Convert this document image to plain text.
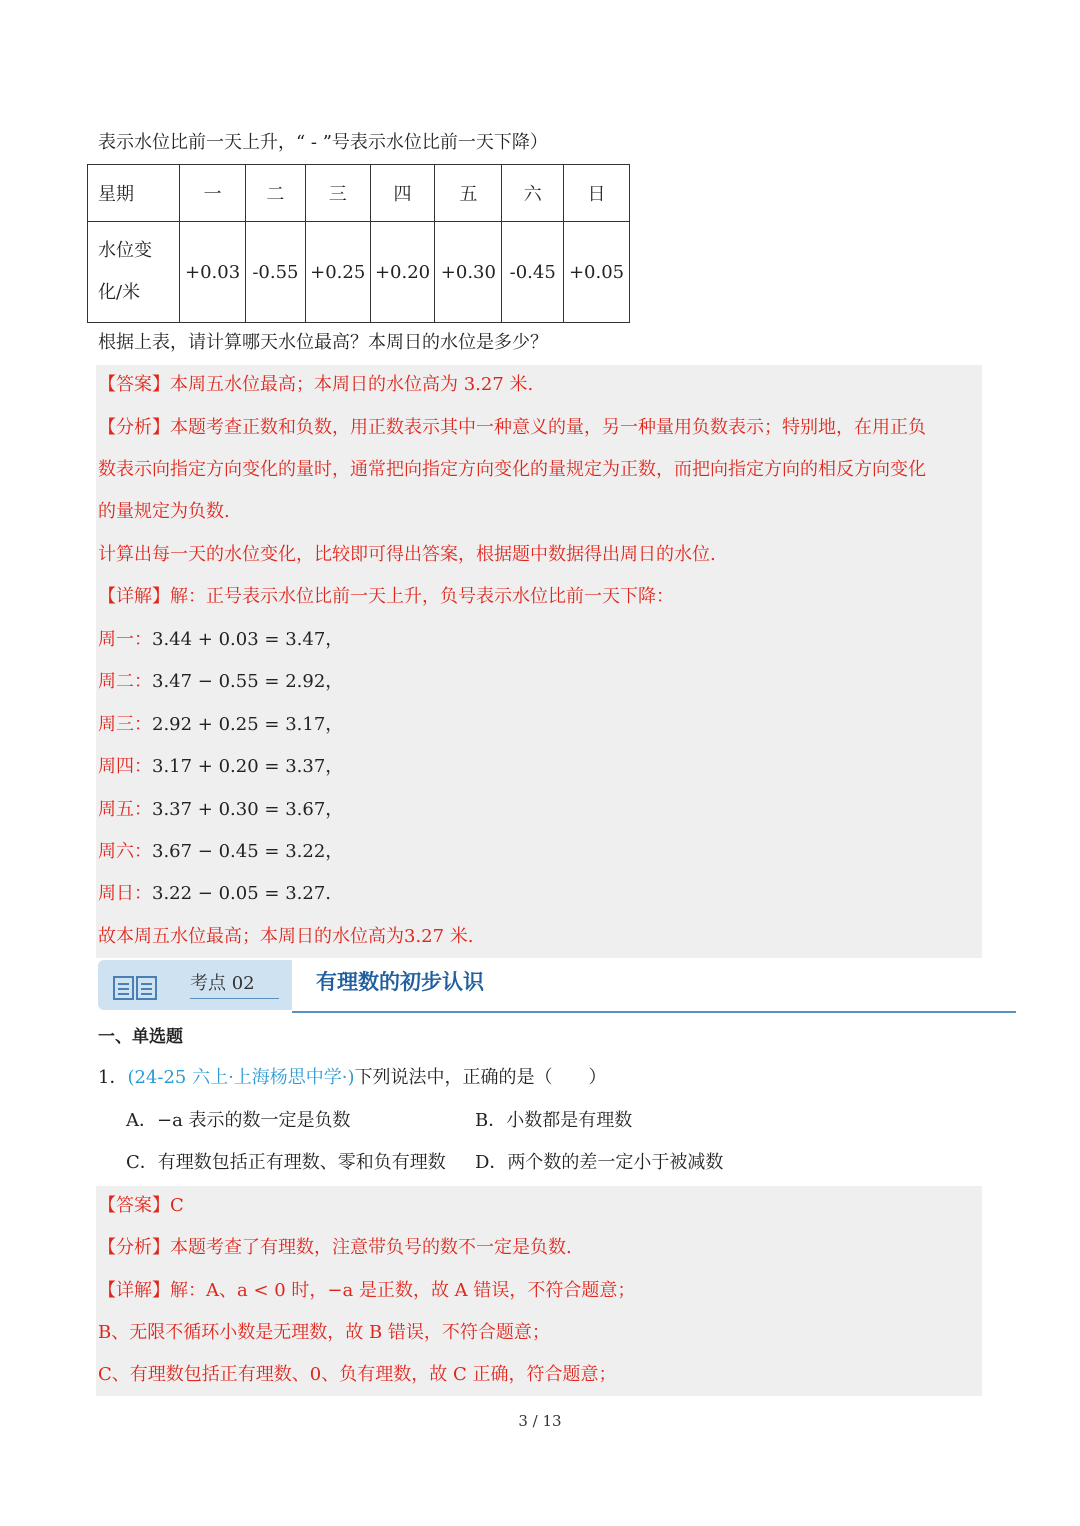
表示水位比前一天上升，“ - ”号表示水位比前一天下降）
星期	一	二	三	四	五	六	日

水位变
化/米	+0.03	-0.55	+0.25	+0.20	+0.30	-0.45	+0.05
根据上表，请计算哪天水位最高？本周日的水位是多少？
【答案】本周五水位最高；本周日的水位高为 3.27 米.
【分析】本题考查正数和负数，用正数表示其中一种意义的量，另一种量用负数表示；特别地，在用正负
数表示向指定方向变化的量时，通常把向指定方向变化的量规定为正数，而把向指定方向的相反方向变化
的量规定为负数.
计算出每一天的水位变化，比较即可得出答案，根据题中数据得出周日的水位.
【详解】解：正号表示水位比前一天上升，负号表示水位比前一天下降：
周一：3.44 + 0.03 = 3.47，
周二：3.47 − 0.55 = 2.92，
周三：2.92 + 0.25 = 3.17，
周四：3.17 + 0.20 = 3.37，
周五：3.37 + 0.30 = 3.67，
周六：3.67 − 0.45 = 3.22，
周日：3.22 − 0.05 = 3.27.
故本周五水位最高；本周日的水位高为3.27 米.
考点 02	有理数的初步认识
一、单选题
1．(24-25 六上·上海杨思中学·)下列说法中，正确的是（　　）
A．−a 表示的数一定是负数	B．小数都是有理数
C．有理数包括正有理数、零和负有理数 D．两个数的差一定小于被减数
【答案】C
【分析】本题考查了有理数，注意带负号的数不一定是负数.
【详解】解：A、a < 0 时，−a 是正数，故 A 错误，不符合题意；
B、无限不循环小数是无理数，故 B 错误，不符合题意；
C、有理数包括正有理数、0、负有理数，故 C 正确，符合题意；
3 / 13
